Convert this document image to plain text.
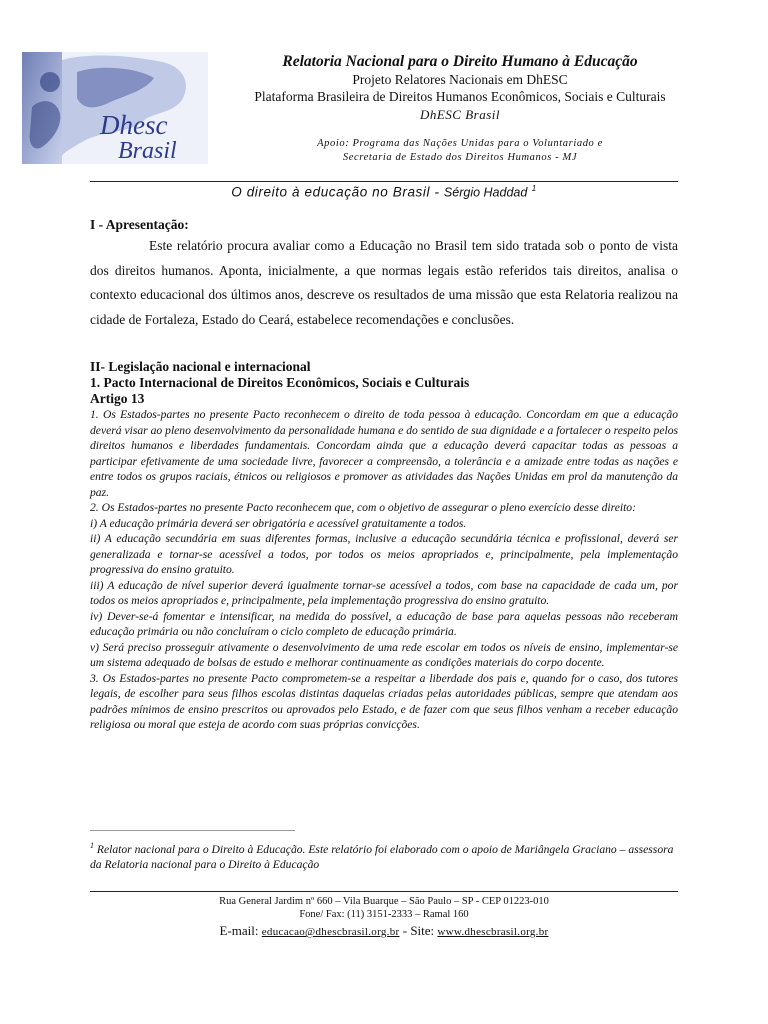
Dhesc
Brasil
Relatoria Nacional para o Direito Humano à Educação
Projeto Relatores Nacionais em DhESC
Plataforma Brasileira de Direitos Humanos Econômicos, Sociais e Culturais
DhESC Brasil
Apoio: Programa das Nações Unidas para o Voluntariado e
Secretaria de Estado dos Direitos Humanos - MJ
O direito à educação no Brasil - Sérgio Haddad $^1$
I - Apresentação:

Este relatório procura avaliar como a Educação no Brasil tem sido tratada sob o ponto de vista dos direitos humanos. Aponta, inicialmente, a que normas legais estão referidos tais direitos, analisa o contexto educacional dos últimos anos, descreve os resultados de uma missão que esta Relatoria realizou na cidade de Fortaleza, Estado do Ceará, estabelece recomendações e conclusões.

II- Legislação nacional e internacional
1. Pacto Internacional de Direitos Econômicos, Sociais e Culturais
Artigo 13

1. Os Estados-partes no presente Pacto reconhecem o direito de toda pessoa à educação. Concordam em que a educação deverá visar ao pleno desenvolvimento da personalidade humana e do sentido de sua dignidade e a fortalecer o respeito pelos direitos humanos e liberdades fundamentais. Concordam ainda que a educação deverá capacitar todas as pessoas a participar efetivamente de uma sociedade livre, favorecer a compreensão, a tolerância e a amizade entre todas as nações e entre todos os grupos raciais, étnicos ou religiosos e promover as atividades das Nações Unidas em prol da manutenção da paz.

2. Os Estados-partes no presente Pacto reconhecem que, com o objetivo de assegurar o pleno exercício desse direito:

i) A educação primária deverá ser obrigatória e acessível gratuitamente a todos.

ii) A educação secundária em suas diferentes formas, inclusive a educação secundária técnica e profissional, deverá ser generalizada e tornar-se acessível a todos, por todos os meios apropriados e, principalmente, pela implementação progressiva do ensino gratuito.

iii) A educação de nível superior deverá igualmente tornar-se acessível a todos, com base na capacidade de cada um, por todos os meios apropriados e, principalmente, pela implementação progressiva do ensino gratuito.

iv) Dever-se-á fomentar e intensificar, na medida do possível, a educação de base para aquelas pessoas não receberam educação primária ou não concluíram o ciclo completo de educação primária.

v) Será preciso prosseguir ativamente o desenvolvimento de uma rede escolar em todos os níveis de ensino, implementar-se um sistema adequado de bolsas de estudo e melhorar continuamente as condições materiais do corpo docente.

3. Os Estados-partes no presente Pacto comprometem-se a respeitar a liberdade dos pais e, quando for o caso, dos tutores legais, de escolher para seus filhos escolas distintas daquelas criadas pelas autoridades públicas, sempre que atendam aos padrões mínimos de ensino prescritos ou aprovados pelo Estado, e de fazer com que seus filhos venham a receber educação religiosa ou moral que esteja de acordo com suas próprias convicções.

$^1$ Relator nacional para o Direito à Educação. Este relatório foi elaborado com o apoio de Mariângela Graciano – assessora da Relatoria nacional para o Direito à Educação
Rua General Jardim nº 660 – Vila Buarque – São Paulo – SP - CEP 01223-010
Fone/ Fax: (11) 3151-2333 – Ramal 160
E-mail: educacao@dhescbrasil.org.br - Site: www.dhescbrasil.org.br
